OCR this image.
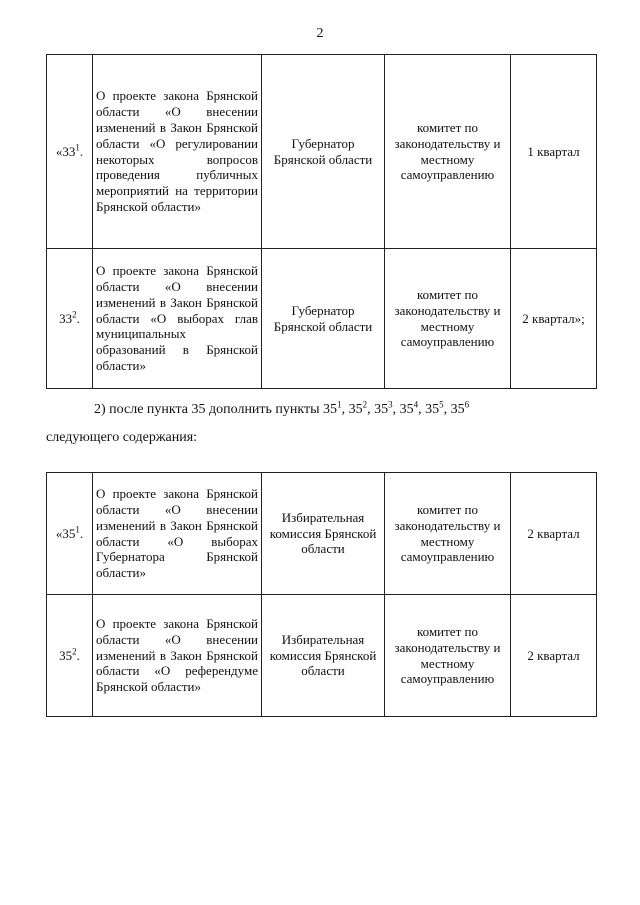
2
«$33^1$.	О проекте закона Брянской области «О внесении изменений в Закон Брянской области «О регулировании некоторых вопросов проведения публичных мероприятий на территории Брянской области»	Губернатор Брянской области	комитет по законодательству и местному самоуправлению	1 квартал
$33^2$.	О проекте закона Брянской области «О внесении изменений в Закон Брянской области «О выборах глав муниципальных образований в Брянской области»	Губернатор Брянской области	комитет по законодательству и местному самоуправлению	2 квартал»;
2) после пункта 35 дополнить пункты $35^1$, $35^2$, $35^3$, $35^4$, $35^5$, $35^6$
следующего содержания:
«$35^1$.	О проекте закона Брянской области «О внесении изменений в Закон Брянской области «О выборах Губернатора Брянской области»	Избирательная комиссия Брянской области	комитет по законодательству и местному самоуправлению	2 квартал
$35^2$.	О проекте закона Брянской области «О внесении изменений в Закон Брянской области «О референдуме Брянской области»	Избирательная комиссия Брянской области	комитет по законодательству и местному самоуправлению	2 квартал
